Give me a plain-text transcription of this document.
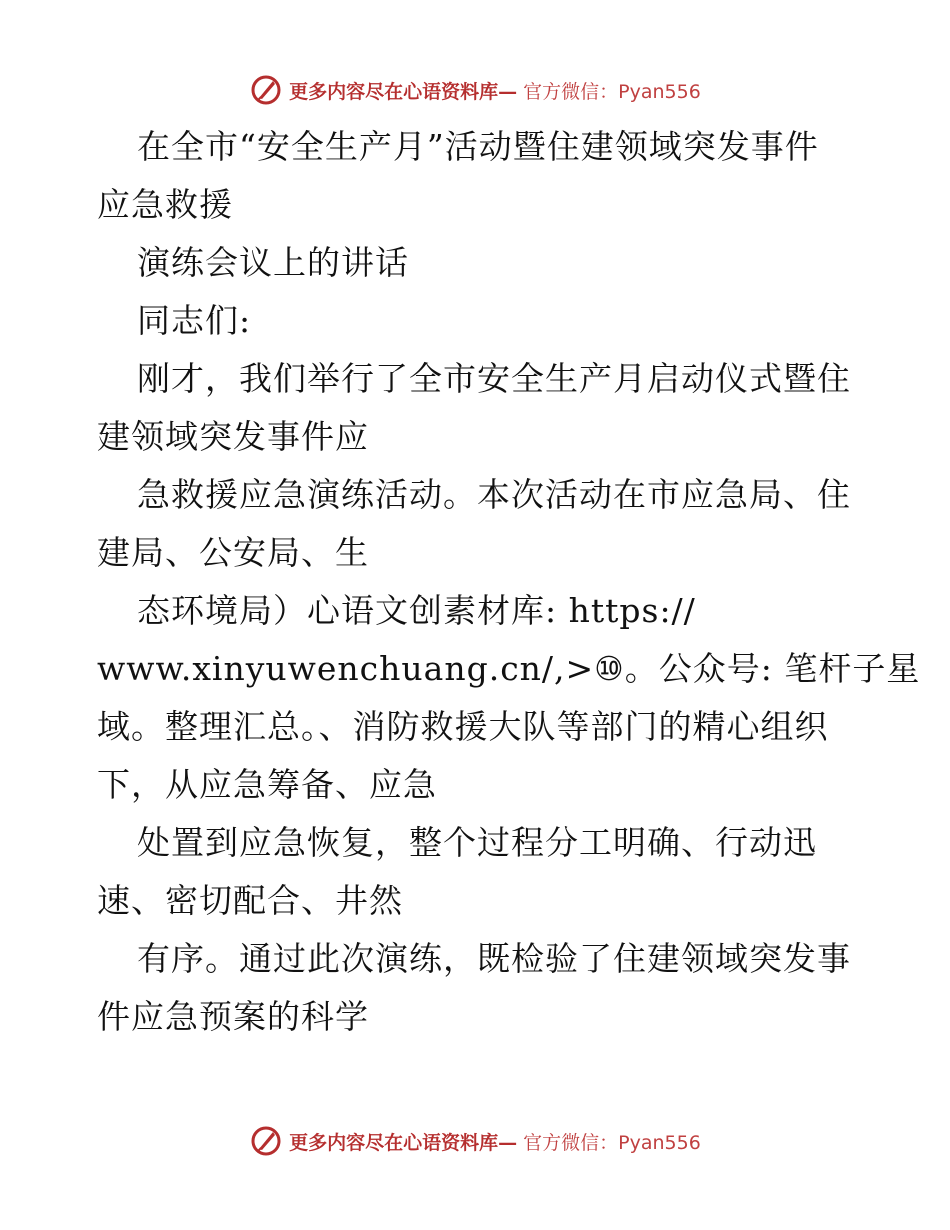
更多内容尽在心语资料库— 官方微信：Pyan556
在全市“安全生产月”活动暨住建领域突发事件
应急救援
演练会议上的讲话
同志们:
刚才，我们举行了全市安全生产月启动仪式暨住
建领域突发事件应
急救援应急演练活动。本次活动在市应急局、住
建局、公安局、生
态环境局）心语文创素材库: https://
www.xinyuwenchuang.cn/,>⑩。公众号: 笔杆子星
域。整理汇总。、消防救援大队等部门的精心组织
下，从应急筹备、应急
处置到应急恢复，整个过程分工明确、行动迅
速、密切配合、井然
有序。通过此次演练，既检验了住建领域突发事
件应急预案的科学
更多内容尽在心语资料库— 官方微信：Pyan556
